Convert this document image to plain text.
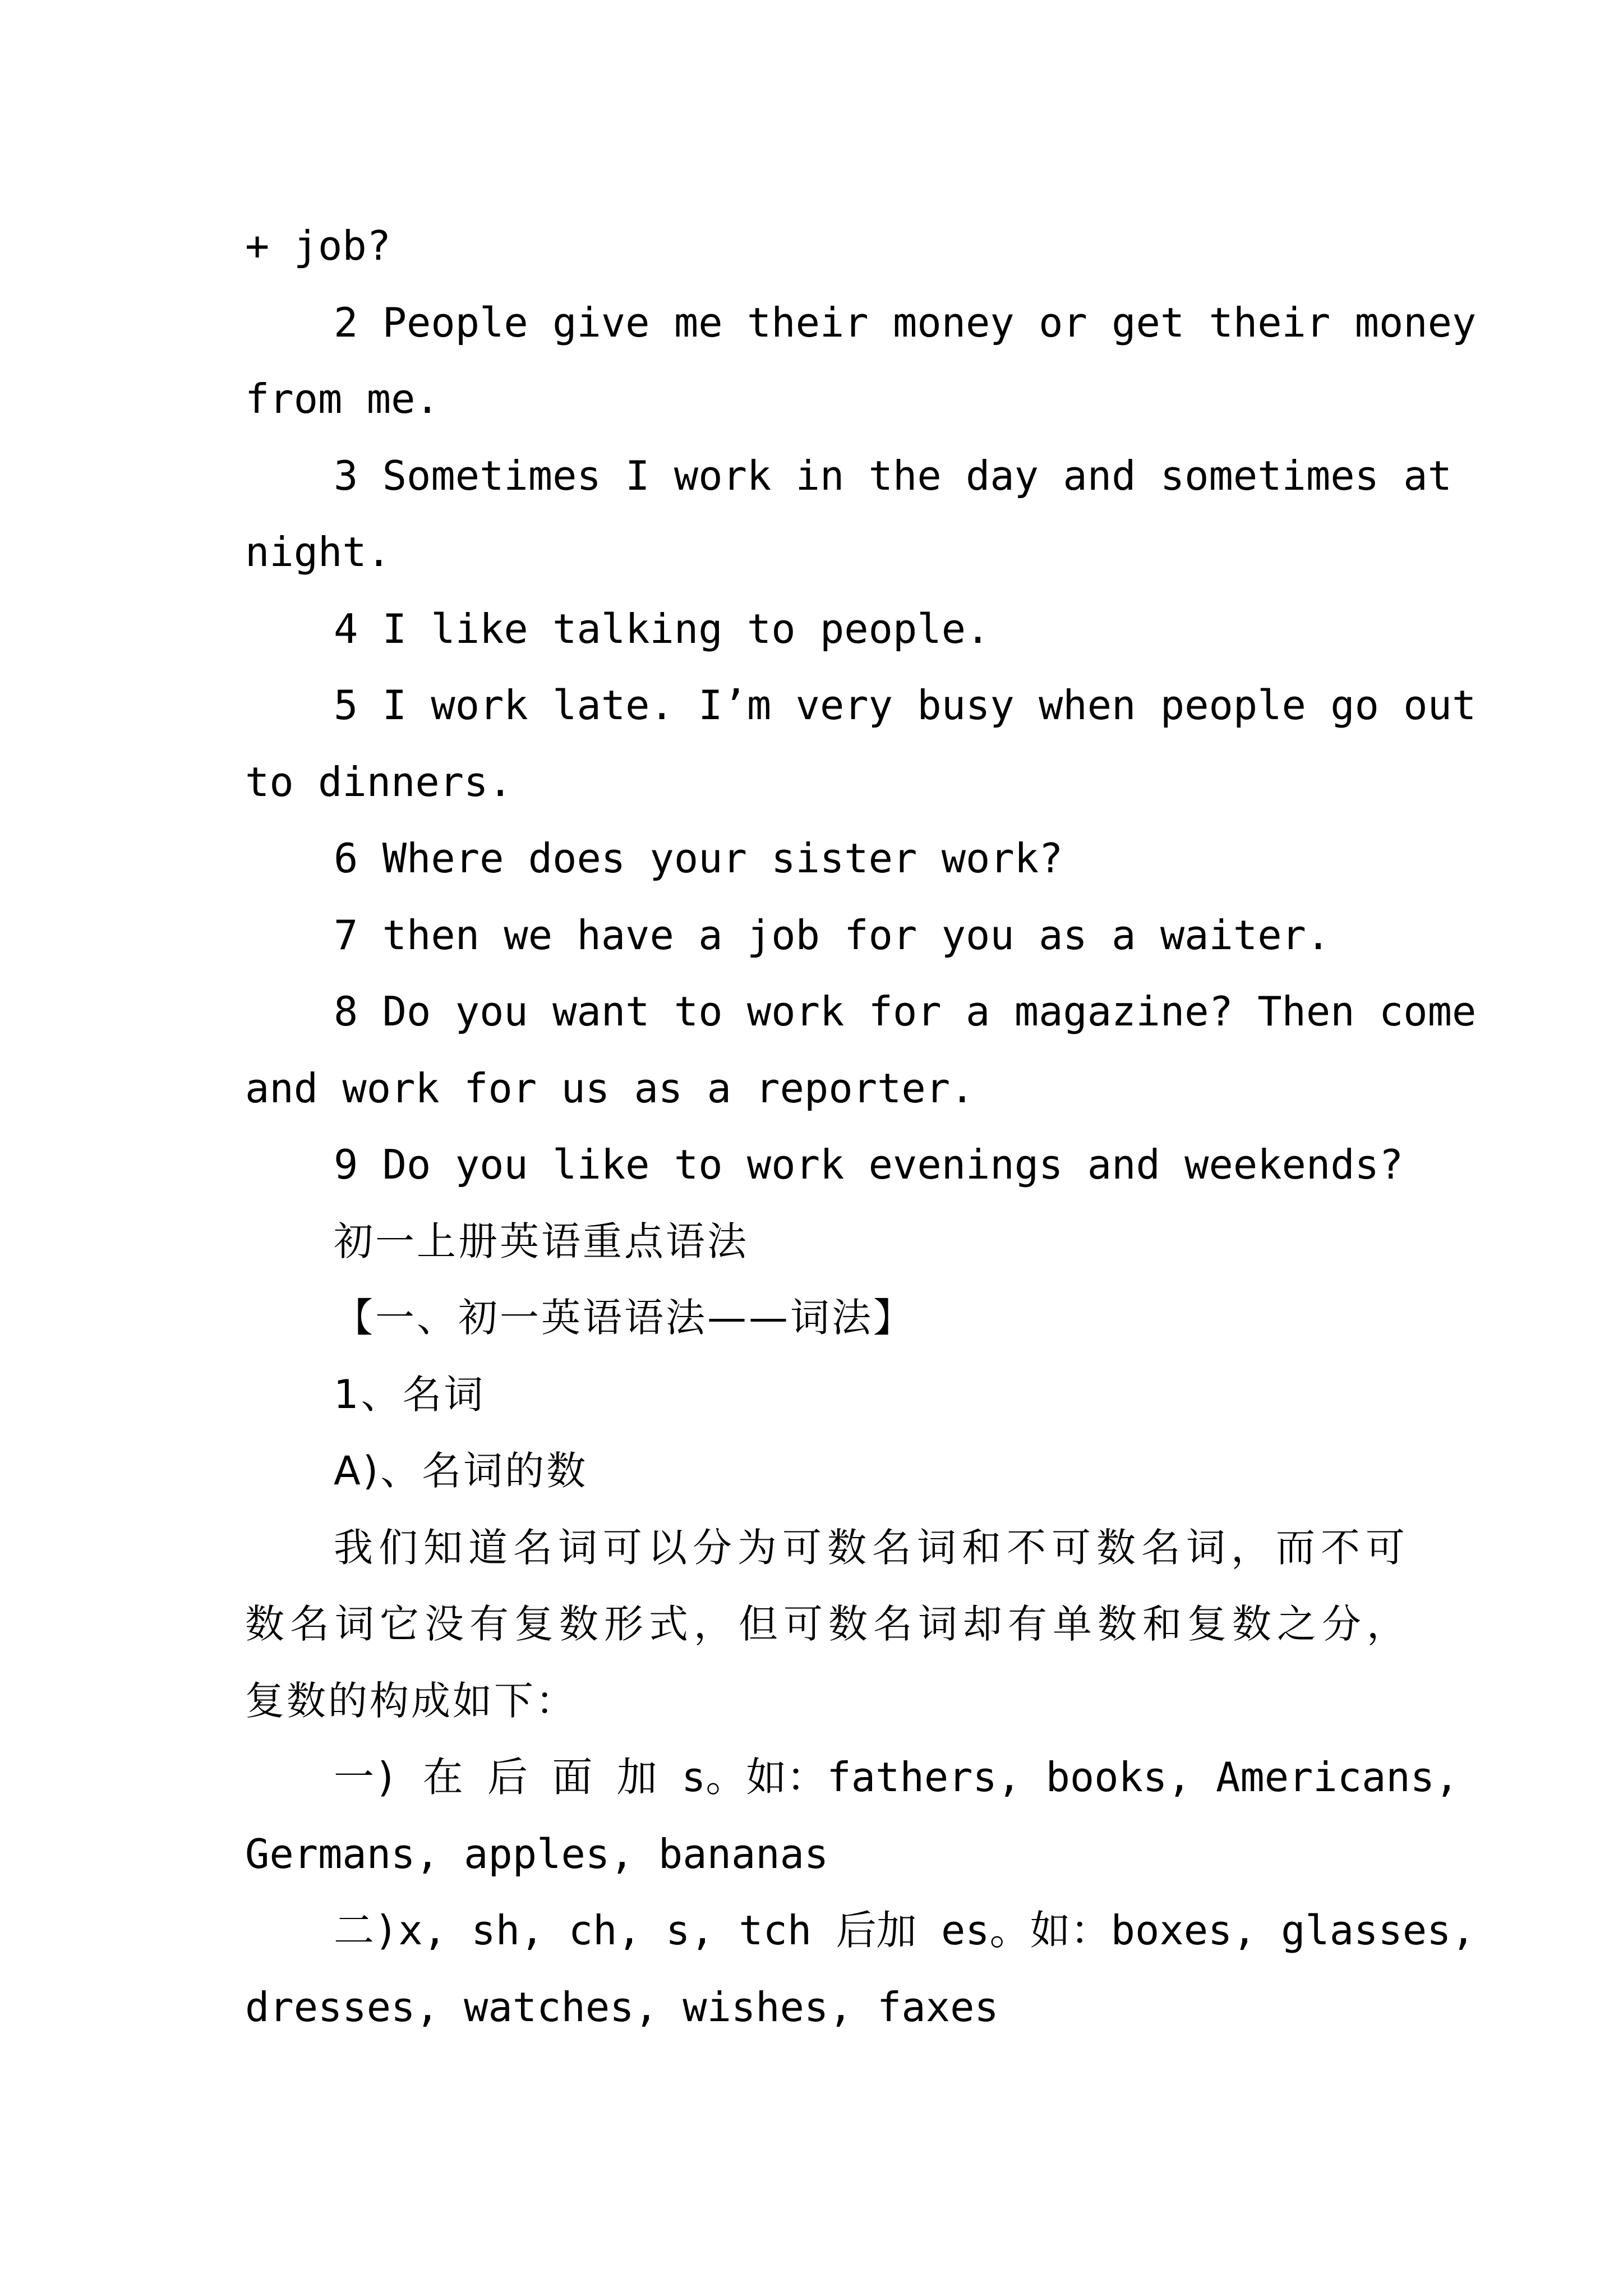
+ job?
2 People give me their money or get their money
from me.
3 Sometimes I work in the day and sometimes at
night.
4 I like talking to people.
5 I work late. I’m very busy when people go out
to dinners.
6 Where does your sister work?
7 then we have a job for you as a waiter.
8 Do you want to work for a magazine? Then come
and work for us as a reporter.
9 Do you like to work evenings and weekends?
初一上册英语重点语法
【一、初一英语语法——词法】
1、名词
A)、名词的数
我们知道名词可以分为可数名词和不可数名词，而不可
数名词它没有复数形式，但可数名词却有单数和复数之分，
复数的构成如下：
一) 在 后 面 加 s。如：fathers, books, Americans,
Germans, apples, bananas
二)x, sh, ch, s, tch 后加 es。如：boxes, glasses,
dresses, watches, wishes, faxes
